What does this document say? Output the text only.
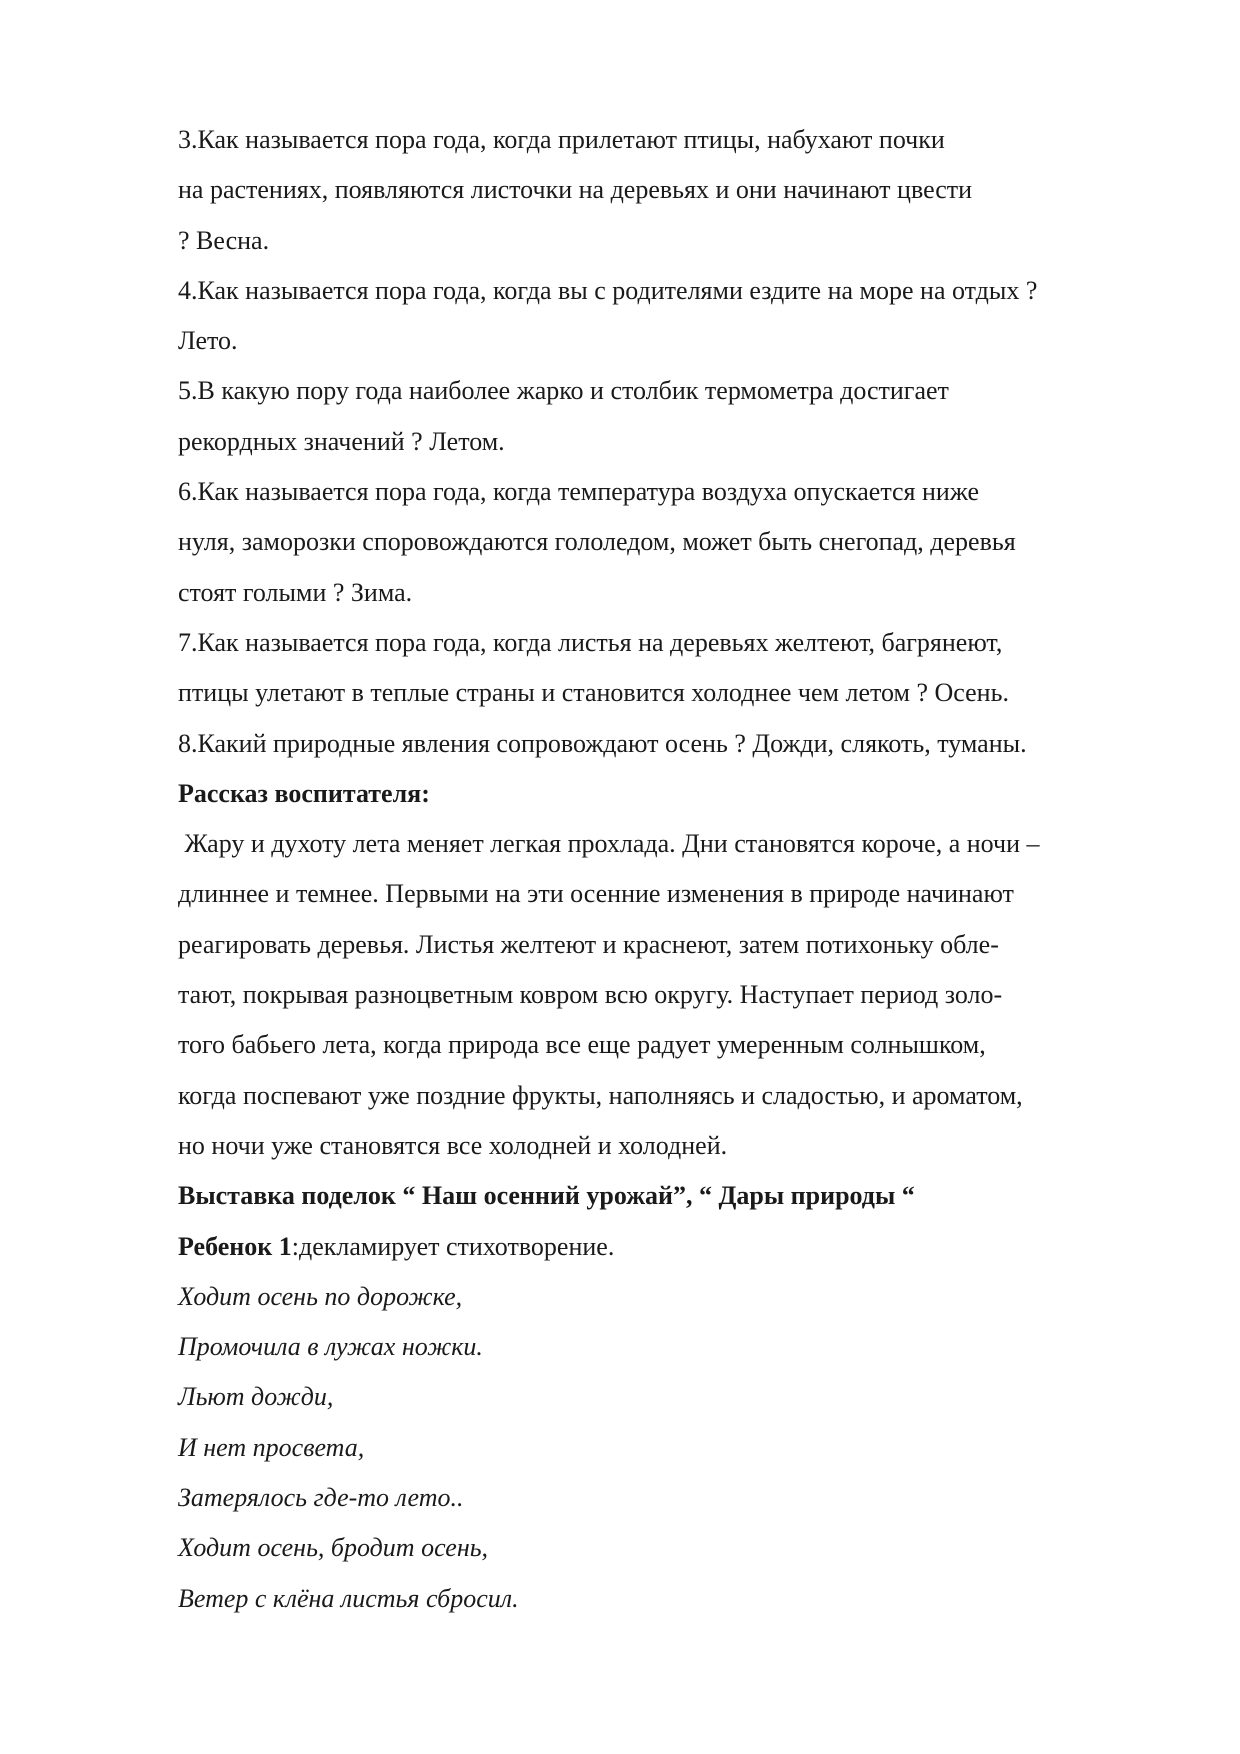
3.Как называется пора года, когда прилетают птицы, набухают почки
на растениях, появляются листочки на деревьях и они начинают цвести
? Весна.
4.Как называется пора года, когда вы с родителями ездите на море на отдых ?
Лето.
5.В какую пору года наиболее жарко и столбик термометра достигает
рекордных значений ? Летом.
6.Как называется пора года, когда температура воздуха опускается ниже
нуля, заморозки споровождаются гололедом, может быть снегопад, деревья
стоят голыми ? Зима.
7.Как называется пора года, когда листья на деревьях желтеют, багрянеют,
птицы улетают в теплые страны и становится холоднее чем летом ? Осень.
8.Какий природные явления сопровождают осень ? Дожди, слякоть, туманы.
Рассказ воспитателя:
Жару и духоту лета меняет легкая прохлада. Дни становятся короче, а ночи –
длиннее и темнее. Первыми на эти осенние изменения в природе начинают
реагировать деревья. Листья желтеют и краснеют, затем потихоньку обле-
тают, покрывая разноцветным ковром всю округу. Наступает период золо-
того бабьего лета, когда природа все еще радует умеренным солнышком,
когда поспевают уже поздние фрукты, наполняясь и сладостью, и ароматом,
но ночи уже становятся все холодней и холодней.
Выставка поделок “ Наш осенний урожай”, “ Дары природы “
Ребенок 1:декламирует стихотворение.
Ходит осень по дорожке,
Промочила в лужах ножки.
Льют дожди,
И нет просвета,
Затерялось где-то лето..
Ходит осень, бродит осень,
Ветер с клёна листья сбросил.
